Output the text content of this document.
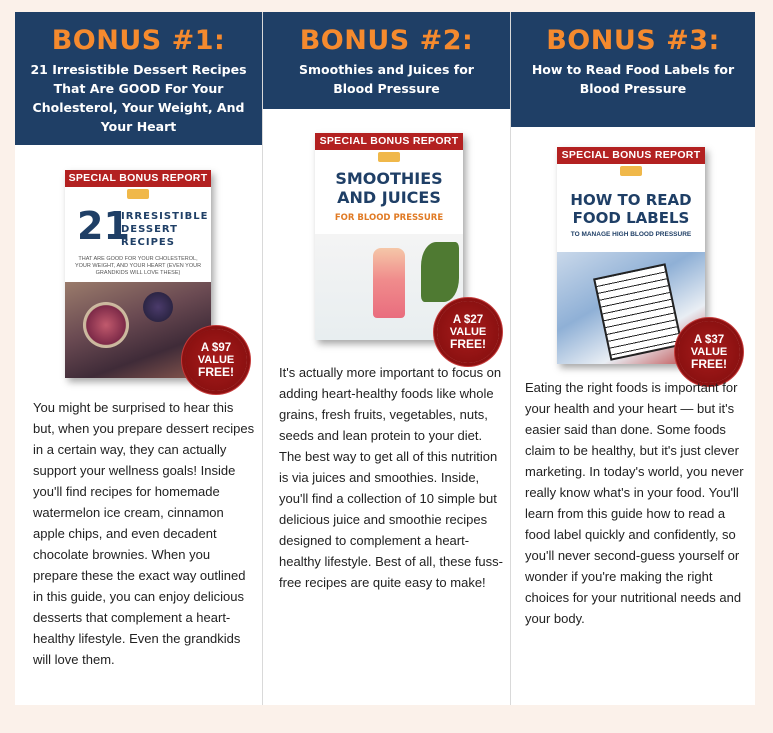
BONUS #1:
21 Irresistible Dessert Recipes That Are GOOD For Your Cholesterol, Your Weight, And Your Heart
SPECIAL BONUS REPORT
21
IRRESISTIBLE DESSERT RECIPES
THAT ARE GOOD FOR YOUR CHOLESTEROL, YOUR WEIGHT, AND YOUR HEART (EVEN YOUR GRANDKIDS WILL LOVE THESE)
A $97
VALUE
FREE!

You might be surprised to hear this but, when you prepare dessert recipes in a certain way, they can actually support your wellness goals! Inside you'll find recipes for homemade watermelon ice cream, cinnamon apple chips, and even decadent chocolate brownies. When you prepare these the exact way outlined in this guide, you can enjoy delicious desserts that complement a heart-healthy lifestyle. Even the grandkids will love them.

BONUS #2:
Smoothies and Juices for Blood Pressure
SPECIAL BONUS REPORT
SMOOTHIES AND JUICES
FOR BLOOD PRESSURE
A $27
VALUE
FREE!

It's actually more important to focus on adding heart-healthy foods like whole grains, fresh fruits, vegetables, nuts, seeds and lean protein to your diet. The best way to get all of this nutrition is via juices and smoothies. Inside, you'll find a collection of 10 simple but delicious juice and smoothie recipes designed to complement a heart-healthy lifestyle. Best of all, these fuss-free recipes are quite easy to make!

BONUS #3:
How to Read Food Labels for Blood Pressure
SPECIAL BONUS REPORT
HOW TO READ FOOD LABELS
TO MANAGE HIGH BLOOD PRESSURE
A $37
VALUE
FREE!

Eating the right foods is important for your health and your heart — but it's easier said than done. Some foods claim to be healthy, but it's just clever marketing. In today's world, you never really know what's in your food. You'll learn from this guide how to read a food label quickly and confidently, so you'll never second-guess yourself or wonder if you're making the right choices for your nutritional needs and your body.
